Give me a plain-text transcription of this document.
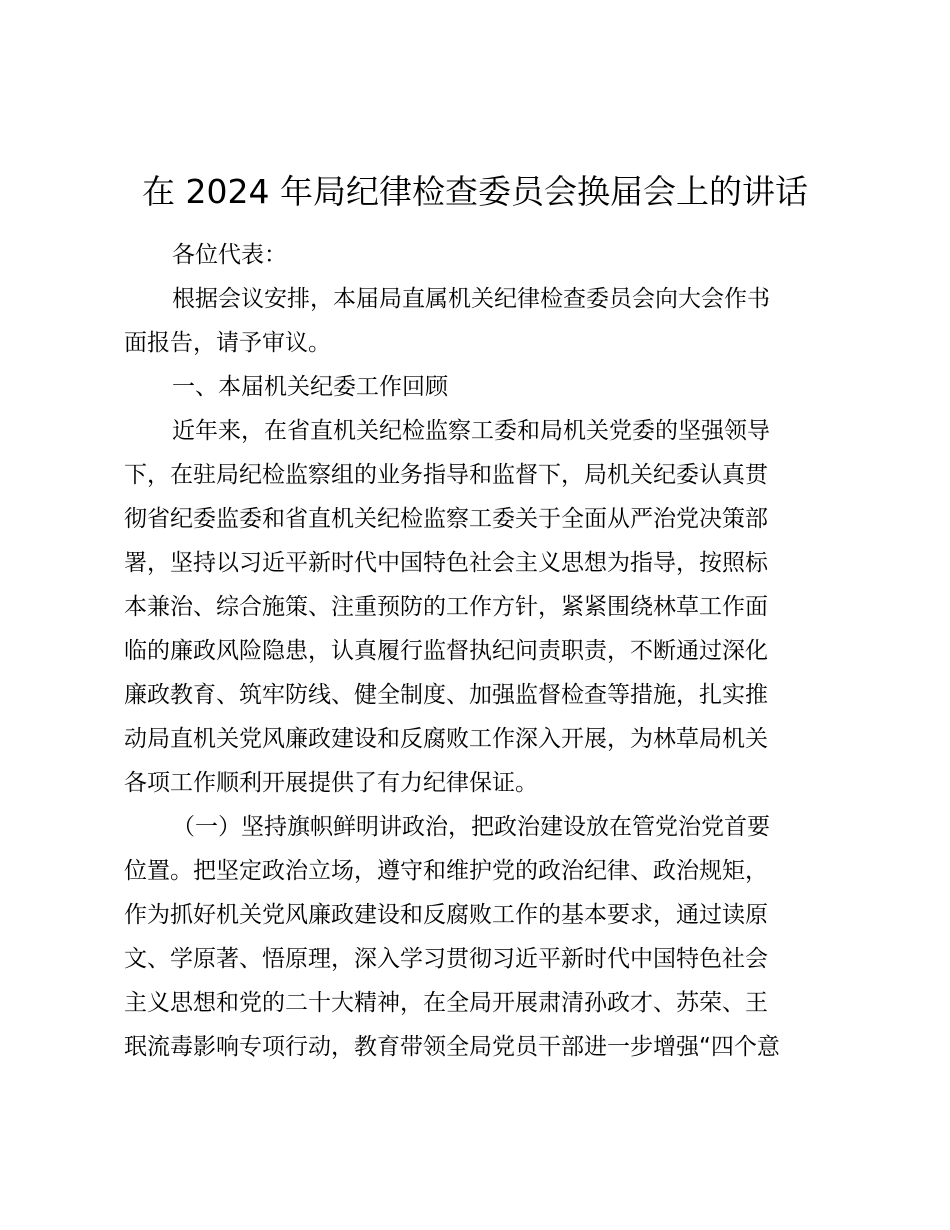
在 2024 年局纪律检查委员会换届会上的讲话
各位代表：
根据会议安排，本届局直属机关纪律检查委员会向大会作书
面报告，请予审议。
一、本届机关纪委工作回顾
近年来，在省直机关纪检监察工委和局机关党委的坚强领导
下，在驻局纪检监察组的业务指导和监督下，局机关纪委认真贯
彻省纪委监委和省直机关纪检监察工委关于全面从严治党决策部
署，坚持以习近平新时代中国特色社会主义思想为指导，按照标
本兼治、综合施策、注重预防的工作方针，紧紧围绕林草工作面
临的廉政风险隐患，认真履行监督执纪问责职责，不断通过深化
廉政教育、筑牢防线、健全制度、加强监督检查等措施，扎实推
动局直机关党风廉政建设和反腐败工作深入开展，为林草局机关
各项工作顺利开展提供了有力纪律保证。
（一）坚持旗帜鲜明讲政治，把政治建设放在管党治党首要
位置。把坚定政治立场，遵守和维护党的政治纪律、政治规矩，
作为抓好机关党风廉政建设和反腐败工作的基本要求，通过读原
文、学原著、悟原理，深入学习贯彻习近平新时代中国特色社会
主义思想和党的二十大精神，在全局开展肃清孙政才、苏荣、王
珉流毒影响专项行动，教育带领全局党员干部进一步增强“四个意
